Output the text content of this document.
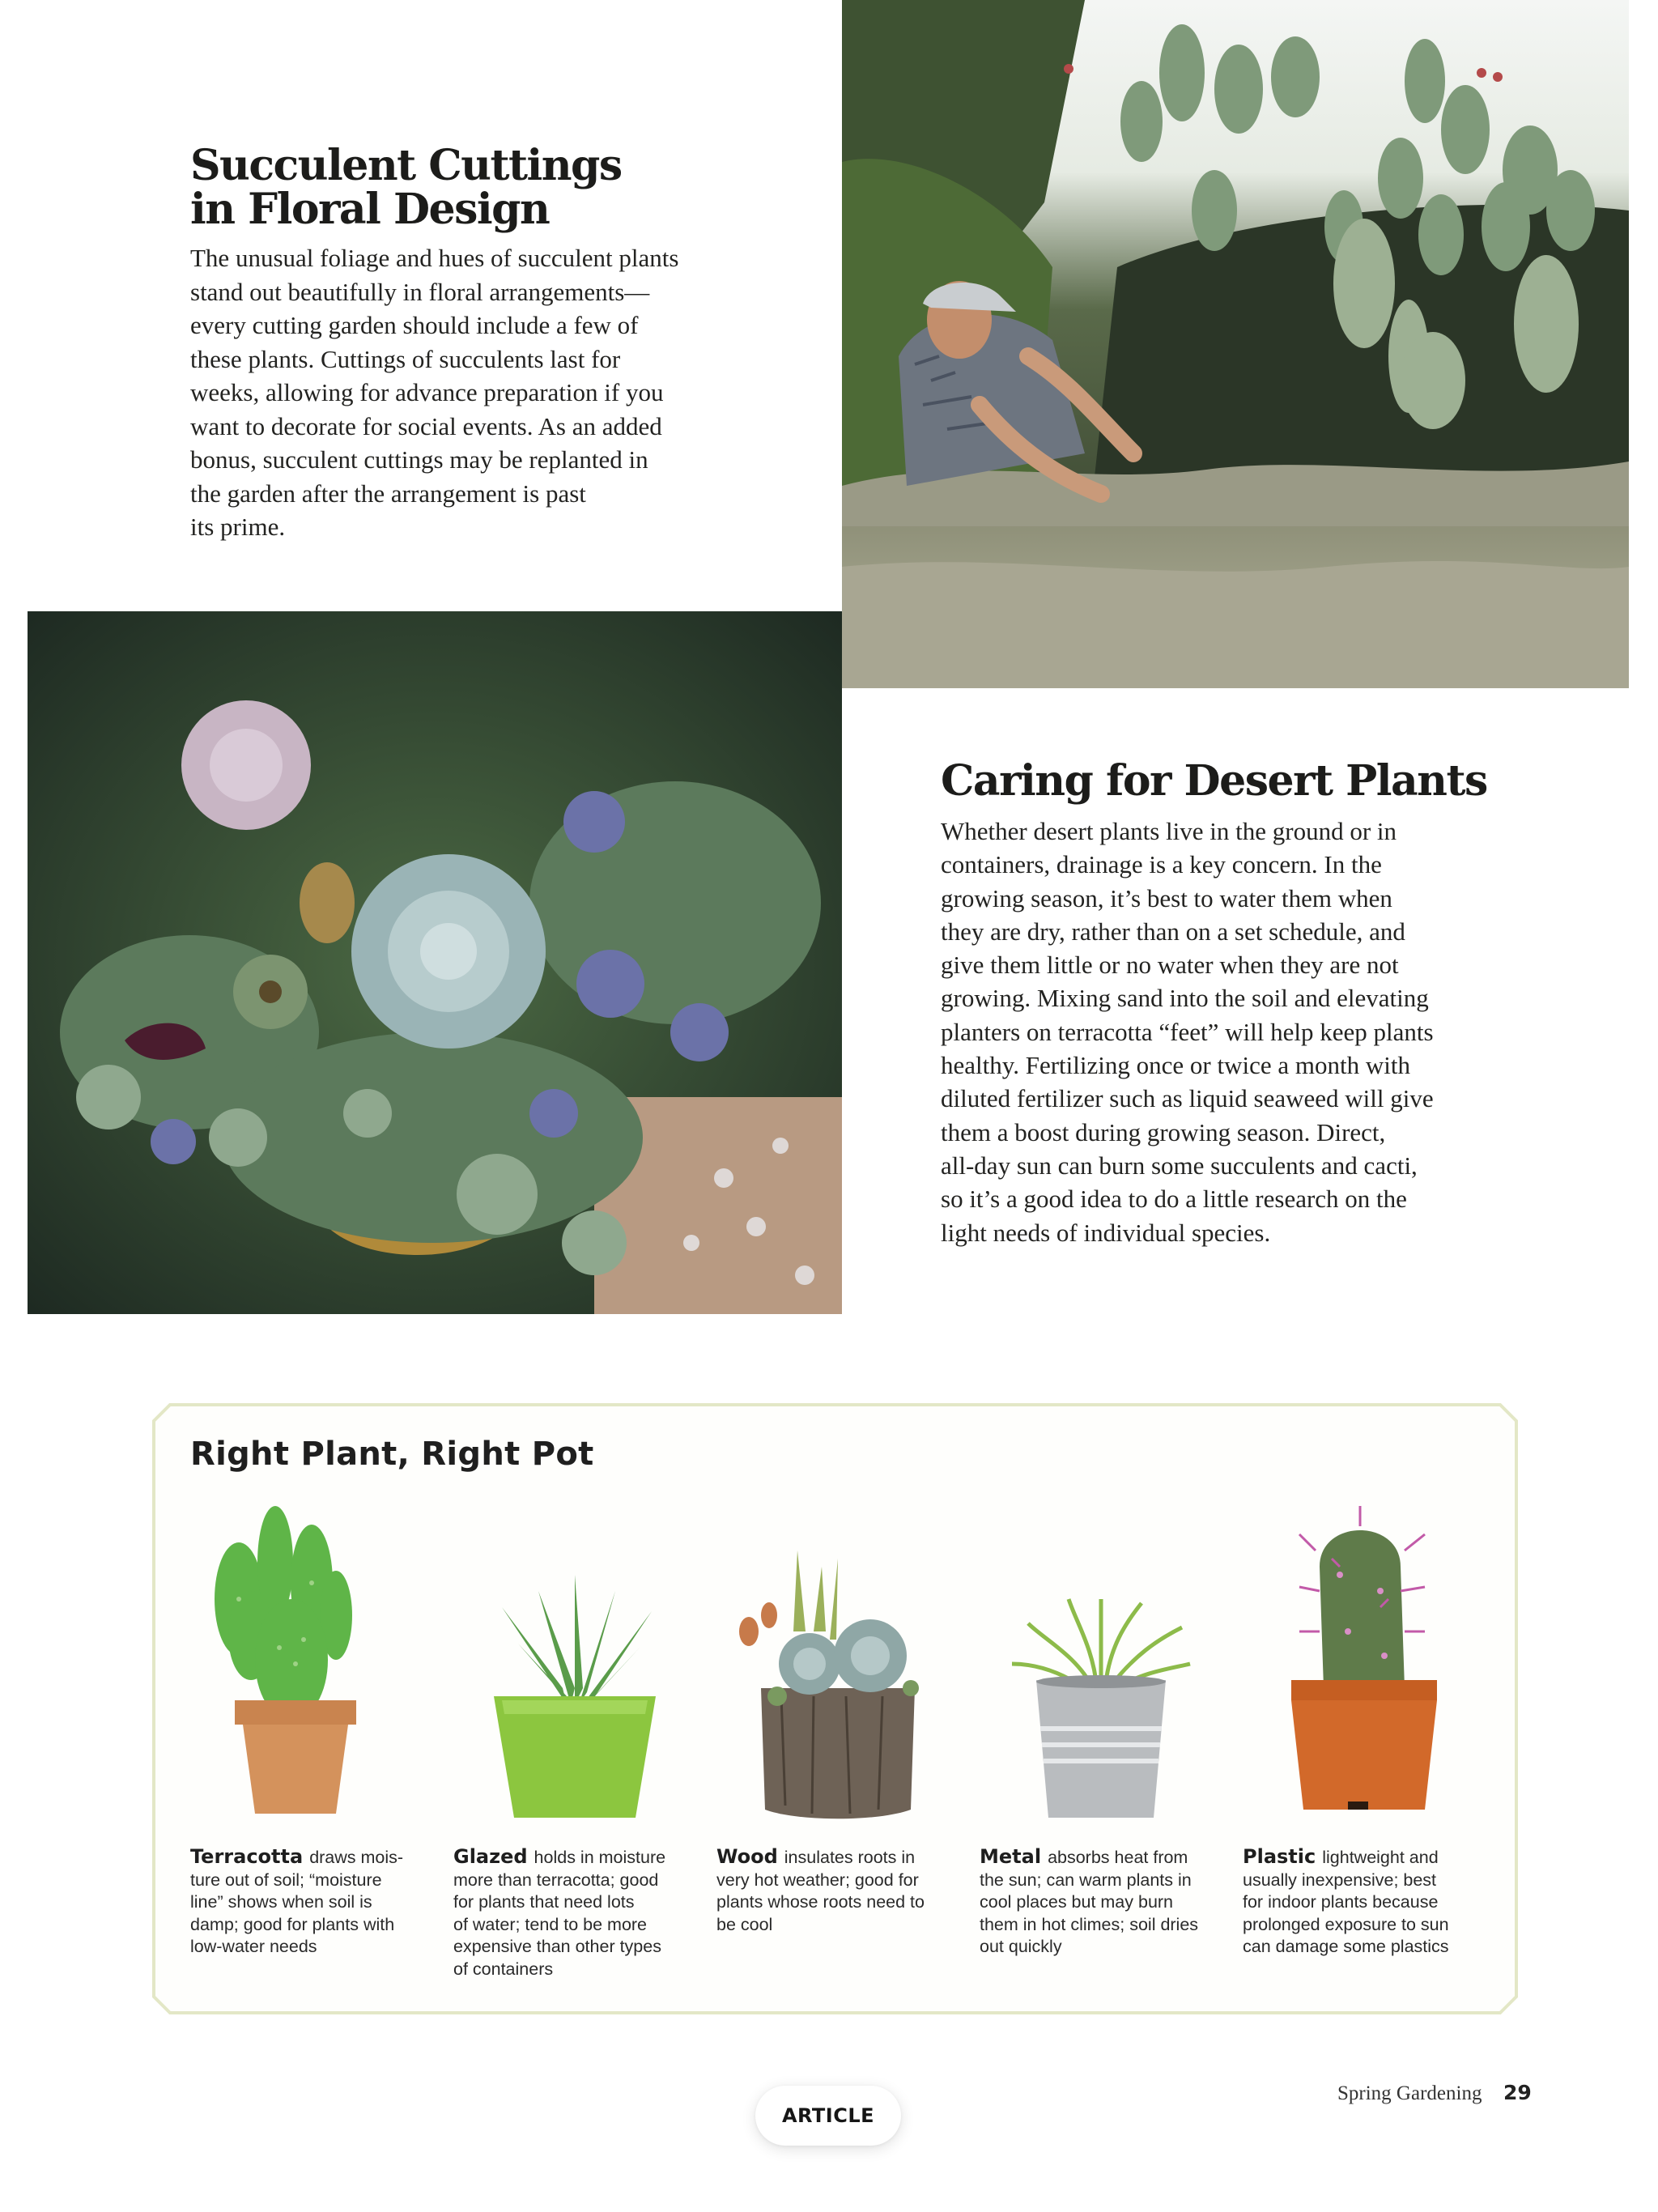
Succulent Cuttings
in Floral Design
The unusual foliage and hues of succulent plants
stand out beautifully in floral arrangements—
every cutting garden should include a few of
these plants. Cuttings of succulents last for
weeks, allowing for advance preparation if you
want to decorate for social events. As an added
bonus, succulent cuttings may be replanted in
the garden after the arrangement is past
its prime.
Caring for Desert Plants
Whether desert plants live in the ground or in
containers, drainage is a key concern. In the
growing season, it’s best to water them when
they are dry, rather than on a set schedule, and
give them little or no water when they are not
growing. Mixing sand into the soil and elevating
planters on terracotta “feet” will help keep plants
healthy. Fertilizing once or twice a month with
diluted fertilizer such as liquid seaweed will give
them a boost during growing season. Direct,
all-day sun can burn some succulents and cacti,
so it’s a good idea to do a little research on the
light needs of individual species.
Right Plant, Right Pot
Terracotta draws mois-
ture out of soil; “moisture
line” shows when soil is
damp; good for plants with
low-water needs
Glazed holds in moisture
more than terracotta; good
for plants that need lots
of water; tend to be more
expensive than other types
of containers
Wood insulates roots in
very hot weather; good for
plants whose roots need to
be cool
Metal absorbs heat from
the sun; can warm plants in
cool places but may burn
them in hot climes; soil dries
out quickly
Plastic lightweight and
usually inexpensive; best
for indoor plants because
prolonged exposure to sun
can damage some plastics
ARTICLE
Spring Gardening 29
